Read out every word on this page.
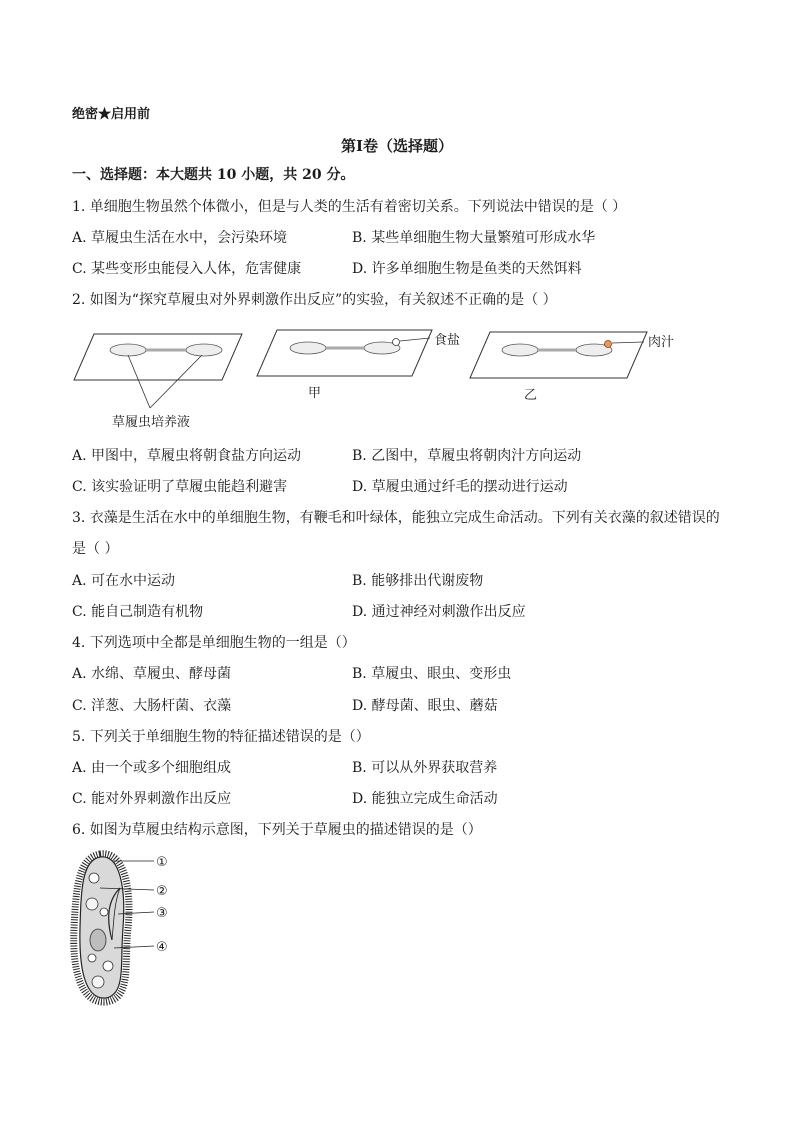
绝密★启用前
第Ⅰ卷（选择题）
一、选择题：本大题共 10 小题，共 20 分。
1. 单细胞生物虽然个体微小，但是与人类的生活有着密切关系。下列说法中错误的是（ ）
A. 草履虫生活在水中，会污染环境	B. 某些单细胞生物大量繁殖可形成水华
C. 某些变形虫能侵入人体，危害健康	D. 许多单细胞生物是鱼类的天然饵料
2. 如图为“探究草履虫对外界刺激作出反应”的实验，有关叙述不正确的是（ ）
草履虫培养液
食盐
甲
肉汁
乙
A. 甲图中，草履虫将朝食盐方向运动	B. 乙图中，草履虫将朝肉汁方向运动
C. 该实验证明了草履虫能趋利避害	D. 草履虫通过纤毛的摆动进行运动
3. 衣藻是生活在水中的单细胞生物，有鞭毛和叶绿体，能独立完成生命活动。下列有关衣藻的叙述错误的
是（ ）
A. 可在水中运动	B. 能够排出代谢废物
C. 能自己制造有机物	D. 通过神经对刺激作出反应
4. 下列选项中全都是单细胞生物的一组是（）
A. 水绵、草履虫、酵母菌	B. 草履虫、眼虫、变形虫
C. 洋葱、大肠杆菌、衣藻	D. 酵母菌、眼虫、蘑菇
5. 下列关于单细胞生物的特征描述错误的是（）
A. 由一个或多个细胞组成	B. 可以从外界获取营养
C. 能对外界刺激作出反应	D. 能独立完成生命活动
6. 如图为草履虫结构示意图，下列关于草履虫的描述错误的是（）
①
②
③
④
